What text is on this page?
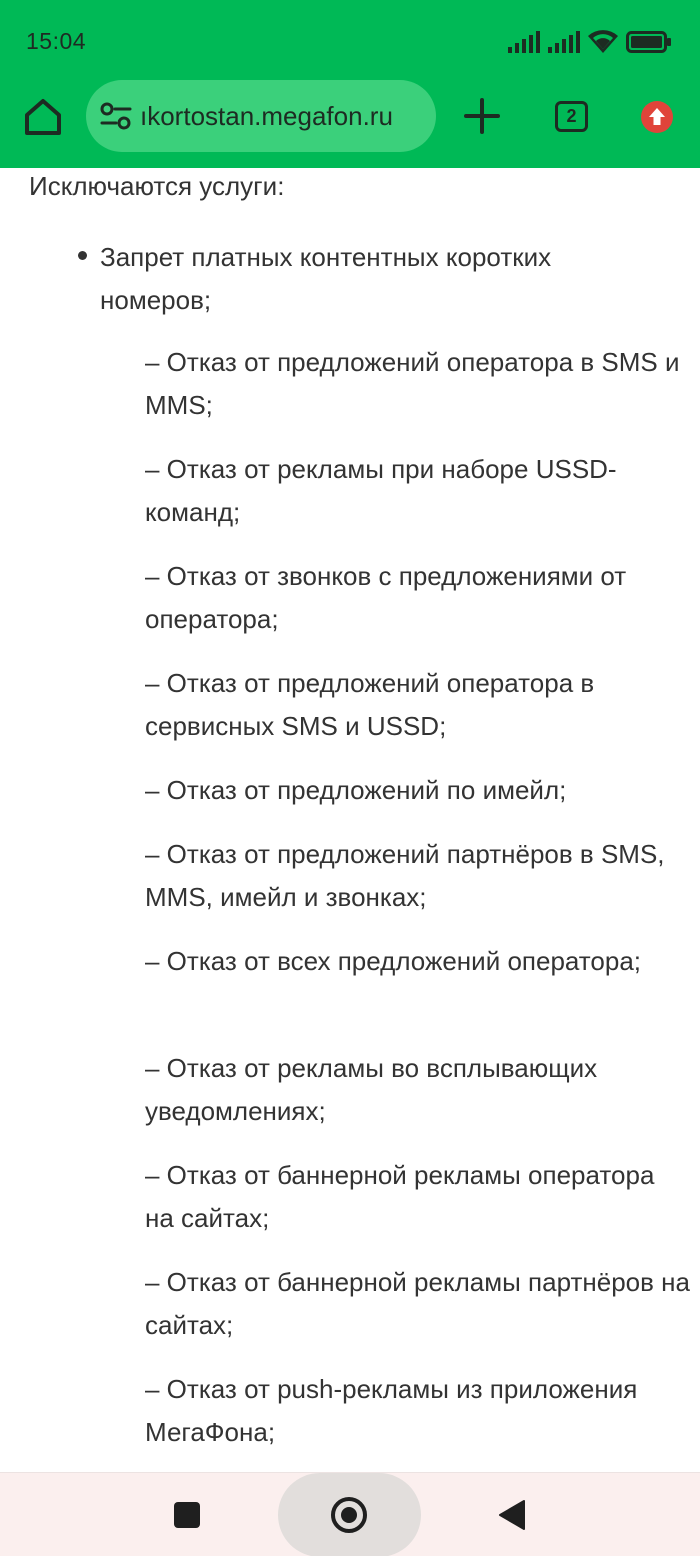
15:04
ıkortostan.megafon.ru	2
Исключаются услуги:
Запрет платных контентных коротких номеров;
– Отказ от предложений оператора в SMS и MMS;
– Отказ от рекламы при наборе USSD-команд;
– Отказ от звонков с предложениями от оператора;
– Отказ от предложений оператора в сервисных SMS и USSD;
– Отказ от предложений по имейл;
– Отказ от предложений партнёров в SMS, MMS, имейл и звонках;
– Отказ от всех предложений оператора;
– Отказ от рекламы во всплывающих уведомлениях;
– Отказ от баннерной рекламы оператора на сайтах;
– Отказ от баннерной рекламы партнёров на сайтах;
– Отказ от push-рекламы из приложения МегаФона;
